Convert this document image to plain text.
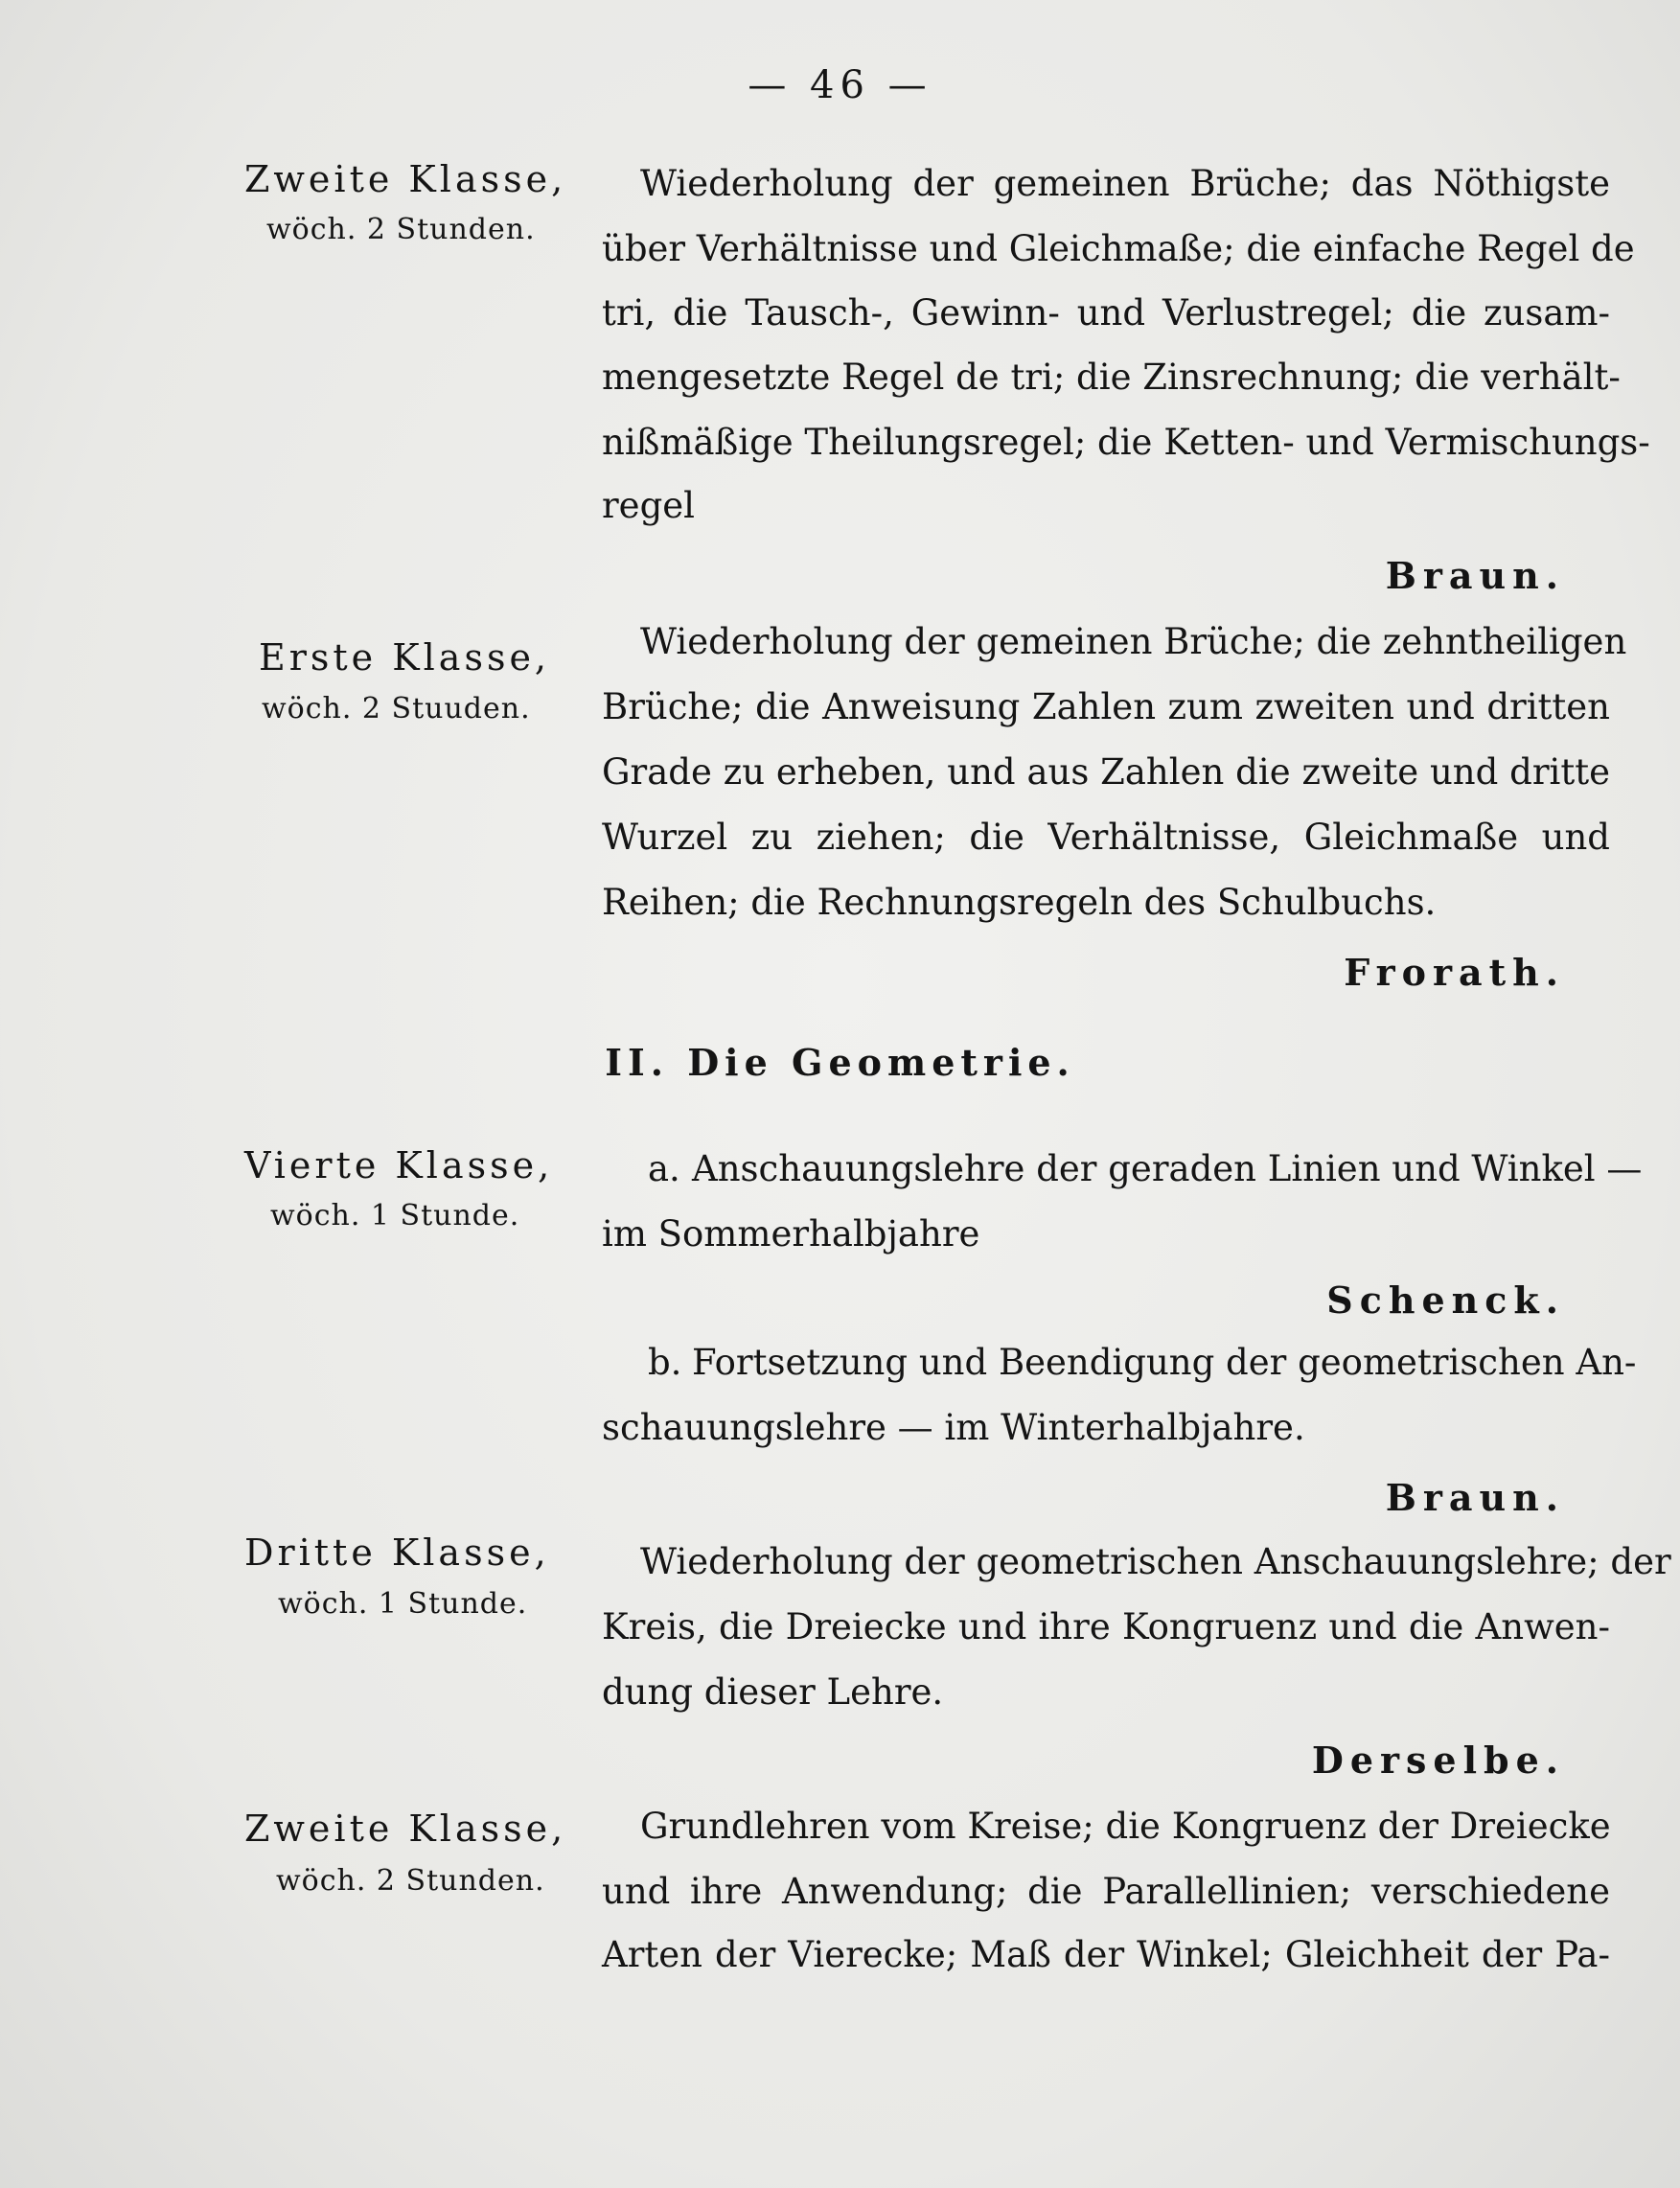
— 46 —
Zweite Klasse,
wöch. 2 Stunden.
Wiederholung der gemeinen Brüche; das Nöthigste
über Verhältnisse und Gleichmaße; die einfache Regel de
tri, die Tausch-, Gewinn- und Verlustregel; die zusam-
mengesetzte Regel de tri; die Zinsrechnung; die verhält-
nißmäßige Theilungsregel; die Ketten- und Vermischungs-
regel
Braun.
Erste Klasse,
wöch. 2 Stuuden.
Wiederholung der gemeinen Brüche; die zehntheiligen
Brüche; die Anweisung Zahlen zum zweiten und dritten
Grade zu erheben, und aus Zahlen die zweite und dritte
Wurzel zu ziehen; die Verhältnisse, Gleichmaße und
Reihen; die Rechnungsregeln des Schulbuchs.
Frorath.
II. Die Geometrie.
Vierte Klasse,
wöch. 1 Stunde.
a. Anschauungslehre der geraden Linien und Winkel —
im Sommerhalbjahre
Schenck.
b. Fortsetzung und Beendigung der geometrischen An-
schauungslehre — im Winterhalbjahre.
Braun.
Dritte Klasse,
wöch. 1 Stunde.
Wiederholung der geometrischen Anschauungslehre; der
Kreis, die Dreiecke und ihre Kongruenz und die Anwen-
dung dieser Lehre.
Derselbe.
Zweite Klasse,
wöch. 2 Stunden.
Grundlehren vom Kreise; die Kongruenz der Dreiecke
und ihre Anwendung; die Parallellinien; verschiedene
Arten der Vierecke; Maß der Winkel; Gleichheit der Pa-
